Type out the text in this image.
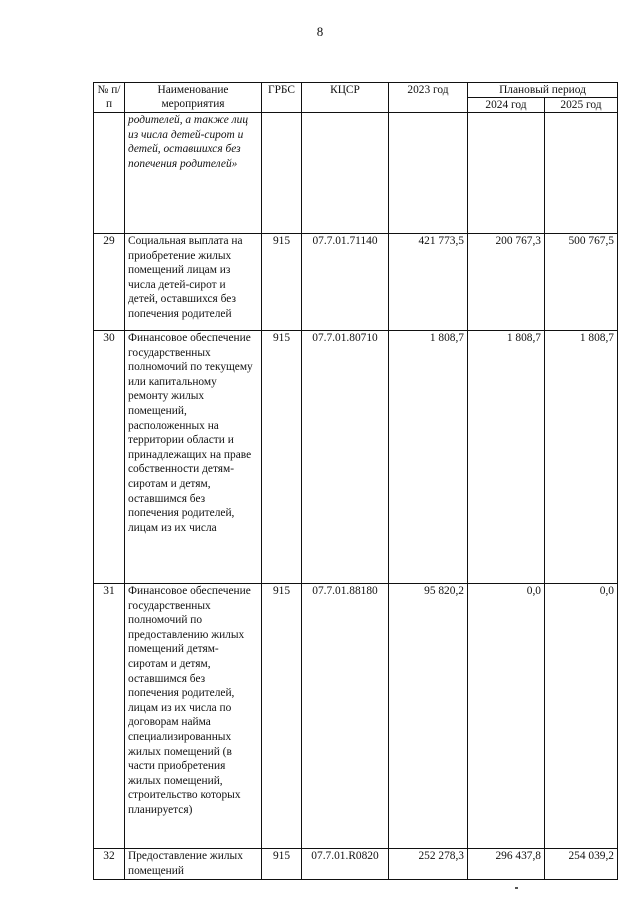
8
№ п/п	Наименование мероприятия	ГРБС	КЦСР	2023 год	Плановый период	
					2024 год	2025 год
	родителей, а также лиц из числа детей-сирот и детей, оставшихся без попечения родителей»					
29	Социальная выплата на приобретение жилых помещений лицам из числа детей-сирот и детей, оставшихся без попечения родителей	915	07.7.01.71140	421 773,5	200 767,3	500 767,5
30	Финансовое обеспечение государственных полномочий по текущему или капитальному ремонту жилых помещений, расположенных на территории области и принадлежащих на праве собственности детям-сиротам и детям, оставшимся без попечения родителей, лицам из их числа	915	07.7.01.80710	1 808,7	1 808,7	1 808,7
31	Финансовое обеспечение государственных полномочий по предоставлению жилых помещений детям-сиротам и детям, оставшимся без попечения родителей, лицам из их числа по договорам найма специализированных жилых помещений (в части приобретения жилых помещений, строительство которых планируется)	915	07.7.01.88180	95 820,2	0,0	0,0
32	Предоставление жилых помещений	915	07.7.01.R0820	252 278,3	296 437,8	254 039,2
